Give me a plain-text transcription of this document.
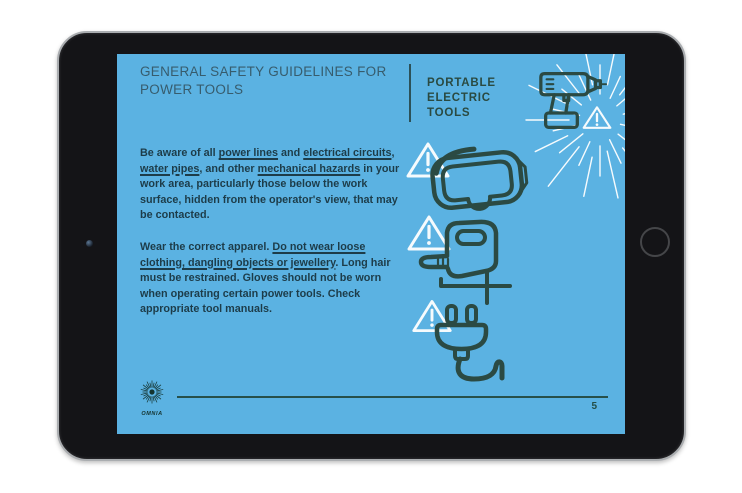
GENERAL SAFETY GUIDELINES FOR POWER TOOLS

Be aware of all power lines and electrical circuits, water pipes, and other mechanical hazards in your work area, particularly those below the work surface, hidden from the operator's view, that may be contacted.

Wear the correct apparel. Do not wear loose clothing, dangling objects or jewellery. Long hair must be restrained. Gloves should not be worn when operating certain power tools. Check appropriate tool manuals.

PORTABLE ELECTRIC TOOLS
OMNIA
5
